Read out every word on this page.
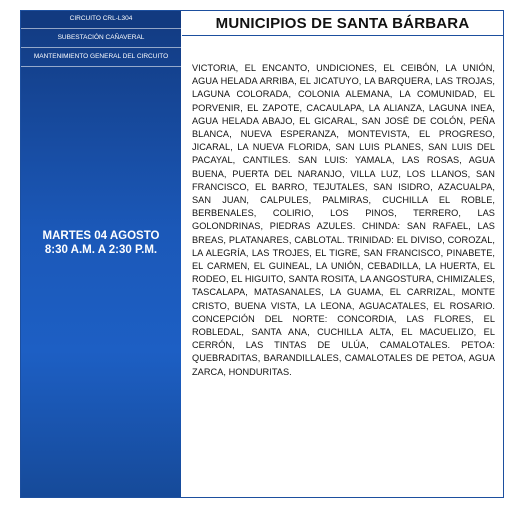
CIRCUITO CRL-L304
SUBESTACIÓN CAÑAVERAL
MANTENIMIENTO GENERAL DEL CIRCUITO
MARTES 04 AGOSTO
8:30 A.M. A 2:30 P.M.
MUNICIPIOS DE SANTA BÁRBARA
VICTORIA, EL ENCANTO, UNDICIONES, EL CEIBÓN, LA UNIÓN, AGUA HELADA ARRIBA, EL JICATUYO, LA BARQUERA, LAS TROJAS, LAGUNA COLORADA, COLONIA ALEMANA, LA COMUNIDAD, EL PORVENIR, EL ZAPOTE, CACAULAPA, LA ALIANZA, LAGUNA INEA, AGUA HELADA ABAJO, EL GICARAL, SAN JOSÉ DE COLÓN, PEÑA BLANCA, NUEVA ESPERANZA, MONTEVISTA, EL PROGRESO, JICARAL, LA NUEVA FLORIDA, SAN LUIS PLANES, SAN LUIS DEL PACAYAL, CANTILES. SAN LUIS: YAMALA, LAS ROSAS, AGUA BUENA, PUERTA DEL NARANJO, VILLA LUZ, LOS LLANOS, SAN FRANCISCO, EL BARRO, TEJUTALES, SAN ISIDRO, AZACUALPA, SAN JUAN, CALPULES, PALMIRAS, CUCHILLA EL ROBLE, BERBENALES, COLIRIO, LOS PINOS, TERRERO, LAS GOLONDRINAS, PIEDRAS AZULES. CHINDA: SAN RAFAEL, LAS BREAS, PLATANARES, CABLOTAL. TRINIDAD: EL DIVISO, COROZAL, LA ALEGRÍA, LAS TROJES, EL TIGRE, SAN FRANCISCO, PINABETE, EL CARMEN, EL GUINEAL, LA UNIÓN, CEBADILLA, LA HUERTA, EL RODEO, EL HIGUITO, SANTA ROSITA, LA ANGOSTURA, CHIMIZALES, TASCALAPA, MATASANALES, LA GUAMA, EL CARRIZAL, MONTE CRISTO, BUENA VISTA, LA LEONA, AGUACATALES, EL ROSARIO. CONCEPCIÓN DEL NORTE: CONCORDIA, LAS FLORES, EL ROBLEDAL, SANTA ANA, CUCHILLA ALTA, EL MACUELIZO, EL CERRÓN, LAS TINTAS DE ULÚA, CAMALOTALES. PETOA: QUEBRADITAS, BARANDILLALES, CAMALOTALES DE PETOA, AGUA ZARCA, HONDURITAS.
